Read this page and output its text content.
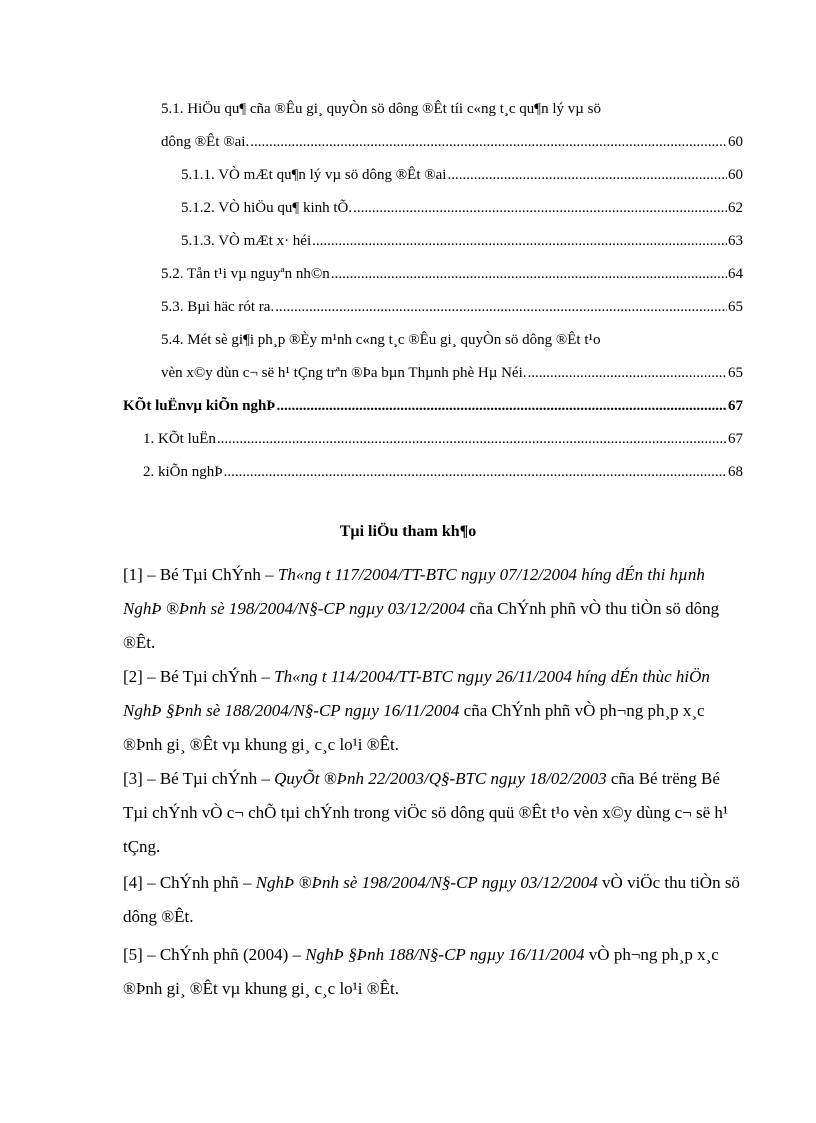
5.1. HiÖu qu¶ cña ®Êu gi¸ quyÒn sö dông ®Êt tíi c«ng t¸c qu¶n lý vµ sö
dông ®Êt ®ai. .....	60
5.1.1. VÒ mÆt qu¶n lý vµ sö dông ®Êt ®ai .....	60
5.1.2. VÒ hiÖu qu¶ kinh tÕ. .....	62
5.1.3. VÒ mÆt x· héi .....	63
5.2. Tån t¹i vµ nguyªn nh©n .....	64
5.3. Bµi häc rót ra. .....	65
5.4. Mét sè gi¶i ph¸p ®Èy m¹nh c«ng t¸c ®Êu gi¸ quyÒn sö dông ®Êt t¹o
vèn x©y dùn c¬ së h¹ tÇng trªn ®Þa bµn Thµnh phè Hµ Néi. .....	65
KÕt luËnvµ kiÕn nghÞ .....	67
1. KÕt luËn .....	67
2. kiÕn nghÞ .....	68
Tµi liÖu tham kh¶o
[1] – Bé Tµi ChÝnh – Th«ng t 117/2004/TT-BTC ngµy 07/12/2004 híng dÉn thi hµnh NghÞ ®Þnh sè 198/2004/N§-CP ngµy 03/12/2004 cña ChÝnh phñ vÒ thu tiÒn sö dông ®Êt.
[2] – Bé Tµi chÝnh – Th«ng t 114/2004/TT-BTC ngµy 26/11/2004 híng dÉn thùc hiÖn NghÞ §Þnh sè 188/2004/N§-CP ngµy 16/11/2004 cña ChÝnh phñ vÒ ph¬ng ph¸p x¸c ®Þnh gi¸ ®Êt vµ khung gi¸ c¸c lo¹i ®Êt.
[3] – Bé Tµi chÝnh – QuyÕt ®Þnh 22/2003/Q§-BTC ngµy 18/02/2003 cña Bé trëng Bé Tµi chÝnh vÒ c¬ chÕ tµi chÝnh trong viÖc sö dông quü ®Êt t¹o vèn x©y dùng c¬ së h¹ tÇng.
[4] – ChÝnh phñ – NghÞ ®Þnh sè 198/2004/N§-CP ngµy 03/12/2004 vÒ viÖc thu tiÒn sö dông ®Êt.
[5] – ChÝnh phñ (2004) – NghÞ §Þnh 188/N§-CP ngµy 16/11/2004 vÒ ph¬ng ph¸p x¸c ®Þnh gi¸ ®Êt vµ khung gi¸ c¸c lo¹i ®Êt.
